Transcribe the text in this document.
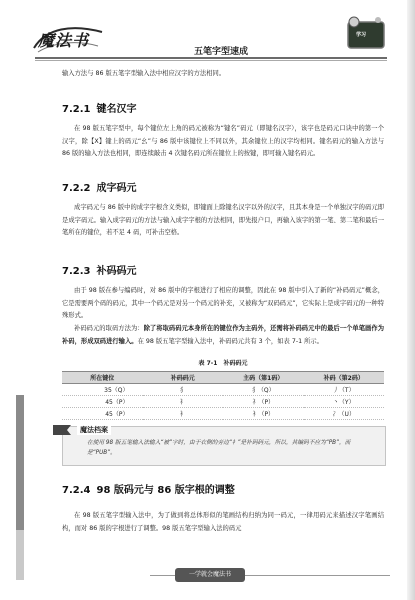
魔法书
五笔字型速成
学习

输入方法与 86 版五笔字型输入法中相应汉字的方法相同。

7.2.1 键名汉字

在 98 版五笔字型中，每个键位左上角的码元被称为“键名”码元（即键名汉字），该字也是码元口诀中的第一个汉字，除【X】键上的码元“幺”与 86 版中该键位上不同以外，其余键位上的汉字均相同。键名码元的输入方法与 86 版的输入方法也相同，即连续敲击 4 次键名码元所在键位上的按键，即可输入键名码元。

7.2.2 成字码元

成字码元与 86 版中的成字字根含义类似，即键面上除键名汉字以外的汉字，且其本身是一个单独汉字的码元即是成字码元。输入成字码元的方法与输入成字字根的方法相同，即先报户口，再输入该字的第一笔、第二笔和最后一笔所在的键位，若不足 4 码，可补击空格。

7.2.3 补码码元

由于 98 版在参与编码时，对 86 版中的字根进行了相应的调整，因此在 98 版中引入了新的“补码码元”概念，它是需要两个码的码元，其中一个码元是对另一个码元的补充，又被称为“双码码元”，它实际上是成字码元的一种特殊形式。

补码码元的取码方法为：除了将取码码元本身所在的键位作为主码外，还需将补码码元中的最后一个单笔画作为补码，形成双码进行输入。在 98 版五笔字型输入法中，补码码元共有 3 个，如表 7-1 所示。

表 7-1　补码码元
所在键位	补码码元	主码（第1码）	补码（第2码）
35（Q）	犭	犭（Q）	丿（T）
45（P）	礻	礻（P）	丶（Y）
45（P）	衤	衤（P）	冫（U）
魔法档案
在使用 98 版五笔输入法输入“被”字时，由于衣侧的旁边“衤”是补码码元，所以，其编码不应为“PB”，而是“PUB”。
7.2.4 98 版码元与 86 版字根的调整

在 98 版五笔字型输入法中，为了做到将总体形似的笔画结构归纳为同一码元，一律用码元来描述汉字笔画结构，而对 86 版的字根进行了调整。98 版五笔字型输入法的码元

一学就会魔法书
